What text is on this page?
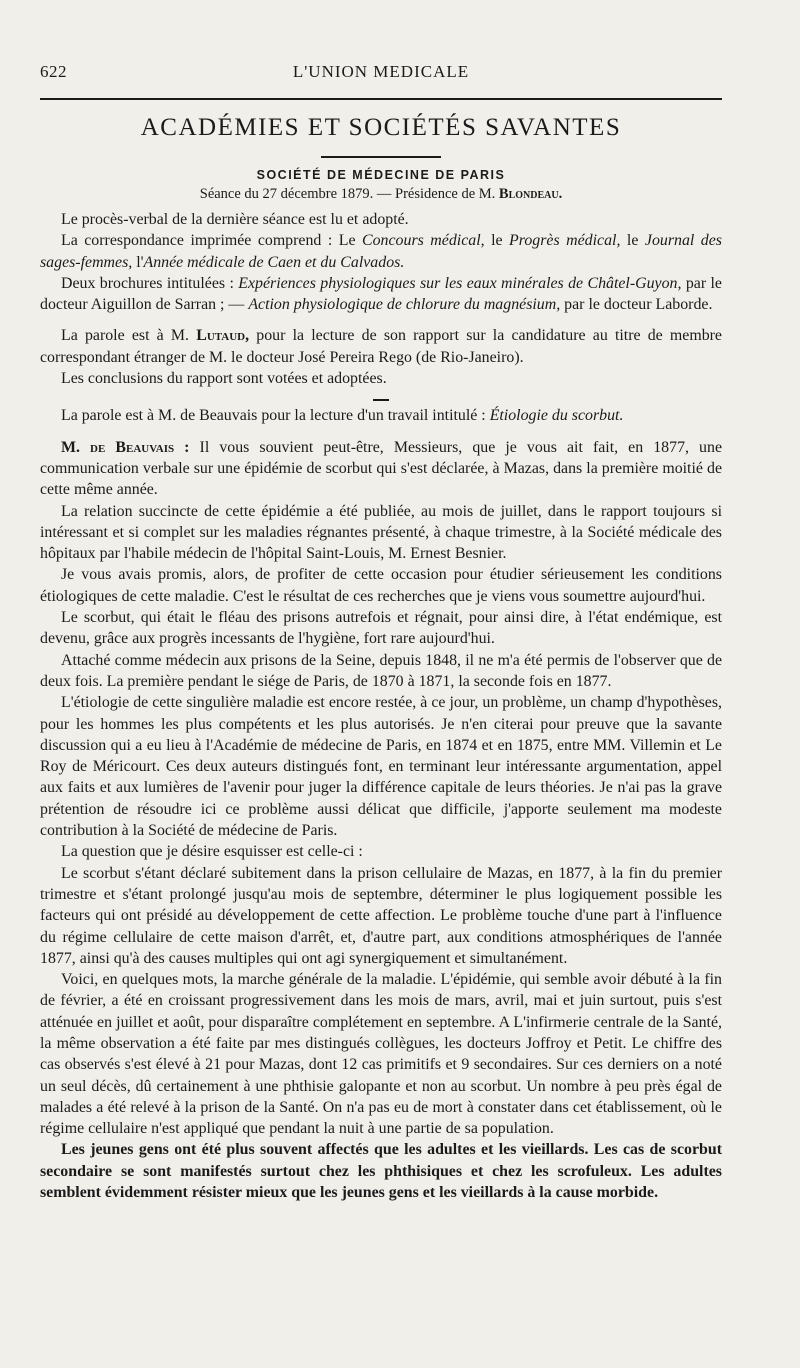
622	L'UNION MEDICALE
ACADÉMIES ET SOCIÉTÉS SAVANTES
SOCIÉTÉ DE MÉDECINE DE PARIS
Séance du 27 décembre 1879. — Présidence de M. Blondeau.

Le procès-verbal de la dernière séance est lu et adopté.

La correspondance imprimée comprend : Le Concours médical, le Progrès médical, le Journal des sages-femmes, l'Année médicale de Caen et du Calvados.

Deux brochures intitulées : Expériences physiologiques sur les eaux minérales de Châtel-Guyon, par le docteur Aiguillon de Sarran ; — Action physiologique de chlorure du magnésium, par le docteur Laborde.

La parole est à M. Lutaud, pour la lecture de son rapport sur la candidature au titre de membre correspondant étranger de M. le docteur José Pereira Rego (de Rio-Janeiro).

Les conclusions du rapport sont votées et adoptées.

La parole est à M. de Beauvais pour la lecture d'un travail intitulé : Étiologie du scorbut.

M. de Beauvais : Il vous souvient peut-être, Messieurs, que je vous ait fait, en 1877, une communication verbale sur une épidémie de scorbut qui s'est déclarée, à Mazas, dans la première moitié de cette même année.

La relation succincte de cette épidémie a été publiée, au mois de juillet, dans le rapport toujours si intéressant et si complet sur les maladies régnantes présenté, à chaque trimestre, à la Société médicale des hôpitaux par l'habile médecin de l'hôpital Saint-Louis, M. Ernest Besnier.

Je vous avais promis, alors, de profiter de cette occasion pour étudier sérieusement les conditions étiologiques de cette maladie. C'est le résultat de ces recherches que je viens vous soumettre aujourd'hui.

Le scorbut, qui était le fléau des prisons autrefois et régnait, pour ainsi dire, à l'état endémique, est devenu, grâce aux progrès incessants de l'hygiène, fort rare aujourd'hui.

Attaché comme médecin aux prisons de la Seine, depuis 1848, il ne m'a été permis de l'observer que de deux fois. La première pendant le siége de Paris, de 1870 à 1871, la seconde fois en 1877.

L'étiologie de cette singulière maladie est encore restée, à ce jour, un problème, un champ d'hypothèses, pour les hommes les plus compétents et les plus autorisés. Je n'en citerai pour preuve que la savante discussion qui a eu lieu à l'Académie de médecine de Paris, en 1874 et en 1875, entre MM. Villemin et Le Roy de Méricourt. Ces deux auteurs distingués font, en terminant leur intéressante argumentation, appel aux faits et aux lumières de l'avenir pour juger la différence capitale de leurs théories. Je n'ai pas la grave prétention de résoudre ici ce problème aussi délicat que difficile, j'apporte seulement ma modeste contribution à la Société de médecine de Paris.

La question que je désire esquisser est celle-ci :

Le scorbut s'étant déclaré subitement dans la prison cellulaire de Mazas, en 1877, à la fin du premier trimestre et s'étant prolongé jusqu'au mois de septembre, déterminer le plus logiquement possible les facteurs qui ont présidé au développement de cette affection. Le problème touche d'une part à l'influence du régime cellulaire de cette maison d'arrêt, et, d'autre part, aux conditions atmosphériques de l'année 1877, ainsi qu'à des causes multiples qui ont agi synergiquement et simultanément.

Voici, en quelques mots, la marche générale de la maladie. L'épidémie, qui semble avoir débuté à la fin de février, a été en croissant progressivement dans les mois de mars, avril, mai et juin surtout, puis s'est atténuée en juillet et août, pour disparaître complétement en septembre. A L'infirmerie centrale de la Santé, la même observation a été faite par mes distingués collègues, les docteurs Joffroy et Petit. Le chiffre des cas observés s'est élevé à 21 pour Mazas, dont 12 cas primitifs et 9 secondaires. Sur ces derniers on a noté un seul décès, dû certainement à une phthisie galopante et non au scorbut. Un nombre à peu près égal de malades a été relevé à la prison de la Santé. On n'a pas eu de mort à constater dans cet établissement, où le régime cellulaire n'est appliqué que pendant la nuit à une partie de sa population.

Les jeunes gens ont été plus souvent affectés que les adultes et les vieillards. Les cas de scorbut secondaire se sont manifestés surtout chez les phthisiques et chez les scrofuleux. Les adultes semblent évidemment résister mieux que les jeunes gens et les vieillards à la cause morbide.
